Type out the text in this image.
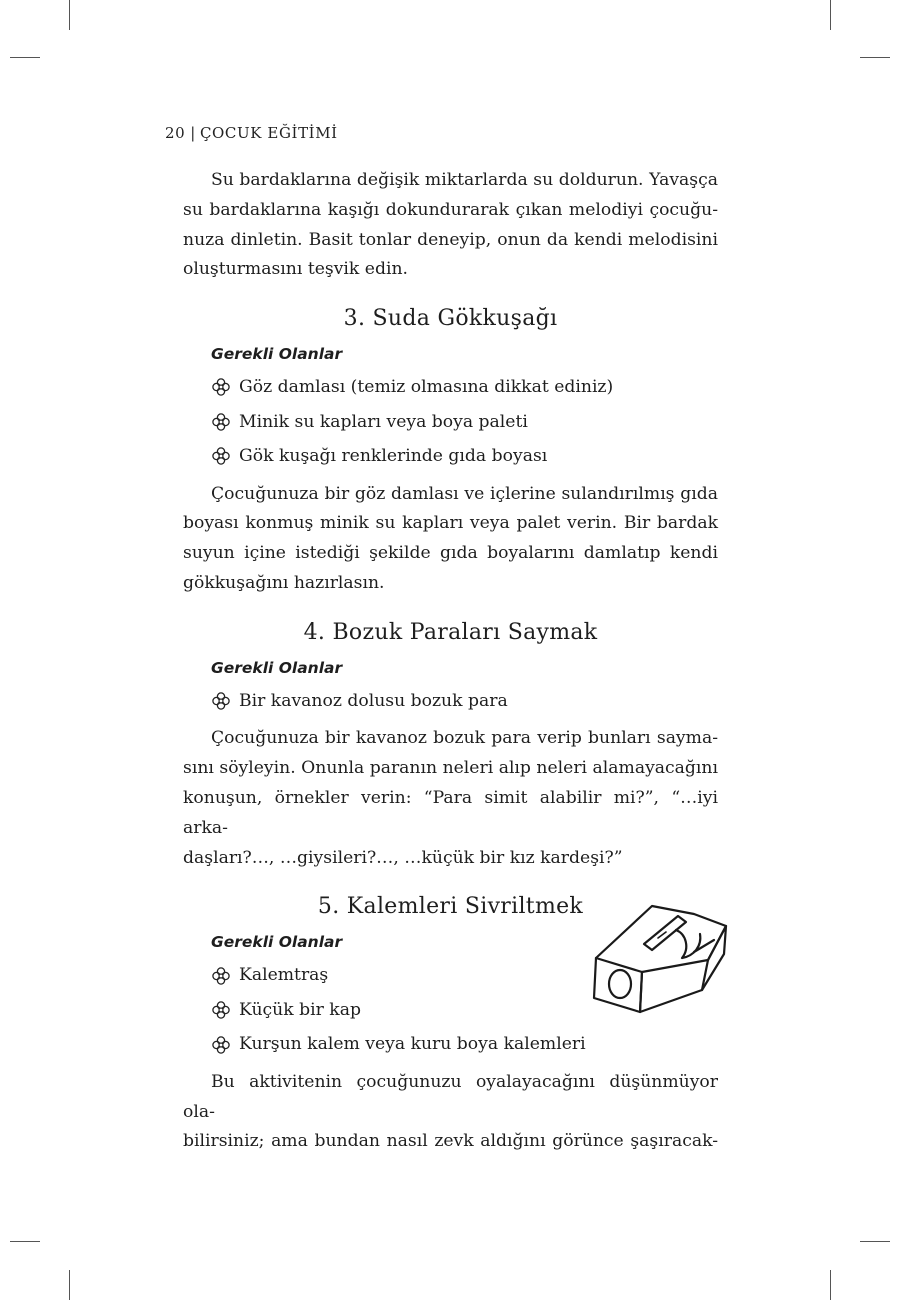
20 | ÇOCUK EĞİTİMİ

Su bardaklarına değişik miktarlarda su doldurun. Yavaşça
su bardaklarına kaşığı dokundurarak çıkan melodiyi çocuğu-
nuza dinletin. Basit tonlar deneyip, onun da kendi melodisini
oluşturmasını teşvik edin.

3. Suda Gökkuşağı
Gerekli Olanlar
Göz damlası (temiz olmasına dikkat ediniz)
Minik su kapları veya boya paleti
Gök kuşağı renklerinde gıda boyası

Çocuğunuza bir göz damlası ve içlerine sulandırılmış gıda
boyası konmuş minik su kapları veya palet verin. Bir bardak
suyun içine istediği şekilde gıda boyalarını damlatıp kendi
gökkuşağını hazırlasın.

4. Bozuk Paraları Saymak
Gerekli Olanlar
Bir kavanoz dolusu bozuk para

Çocuğunuza bir kavanoz bozuk para verip bunları sayma-
sını söyleyin. Onunla paranın neleri alıp neleri alamayacağını
konuşun, örnekler verin: “Para simit alabilir mi?”, “…iyi arka-
daşları?…, …giysileri?…, …küçük bir kız kardeşi?”

5. Kalemleri Sivriltmek
Gerekli Olanlar
Kalemtraş
Küçük bir kap
Kurşun kalem veya kuru boya kalemleri

Bu aktivitenin çocuğunuzu oyalayacağını düşünmüyor ola-
bilirsiniz; ama bundan nasıl zevk aldığını görünce şaşıracak-
